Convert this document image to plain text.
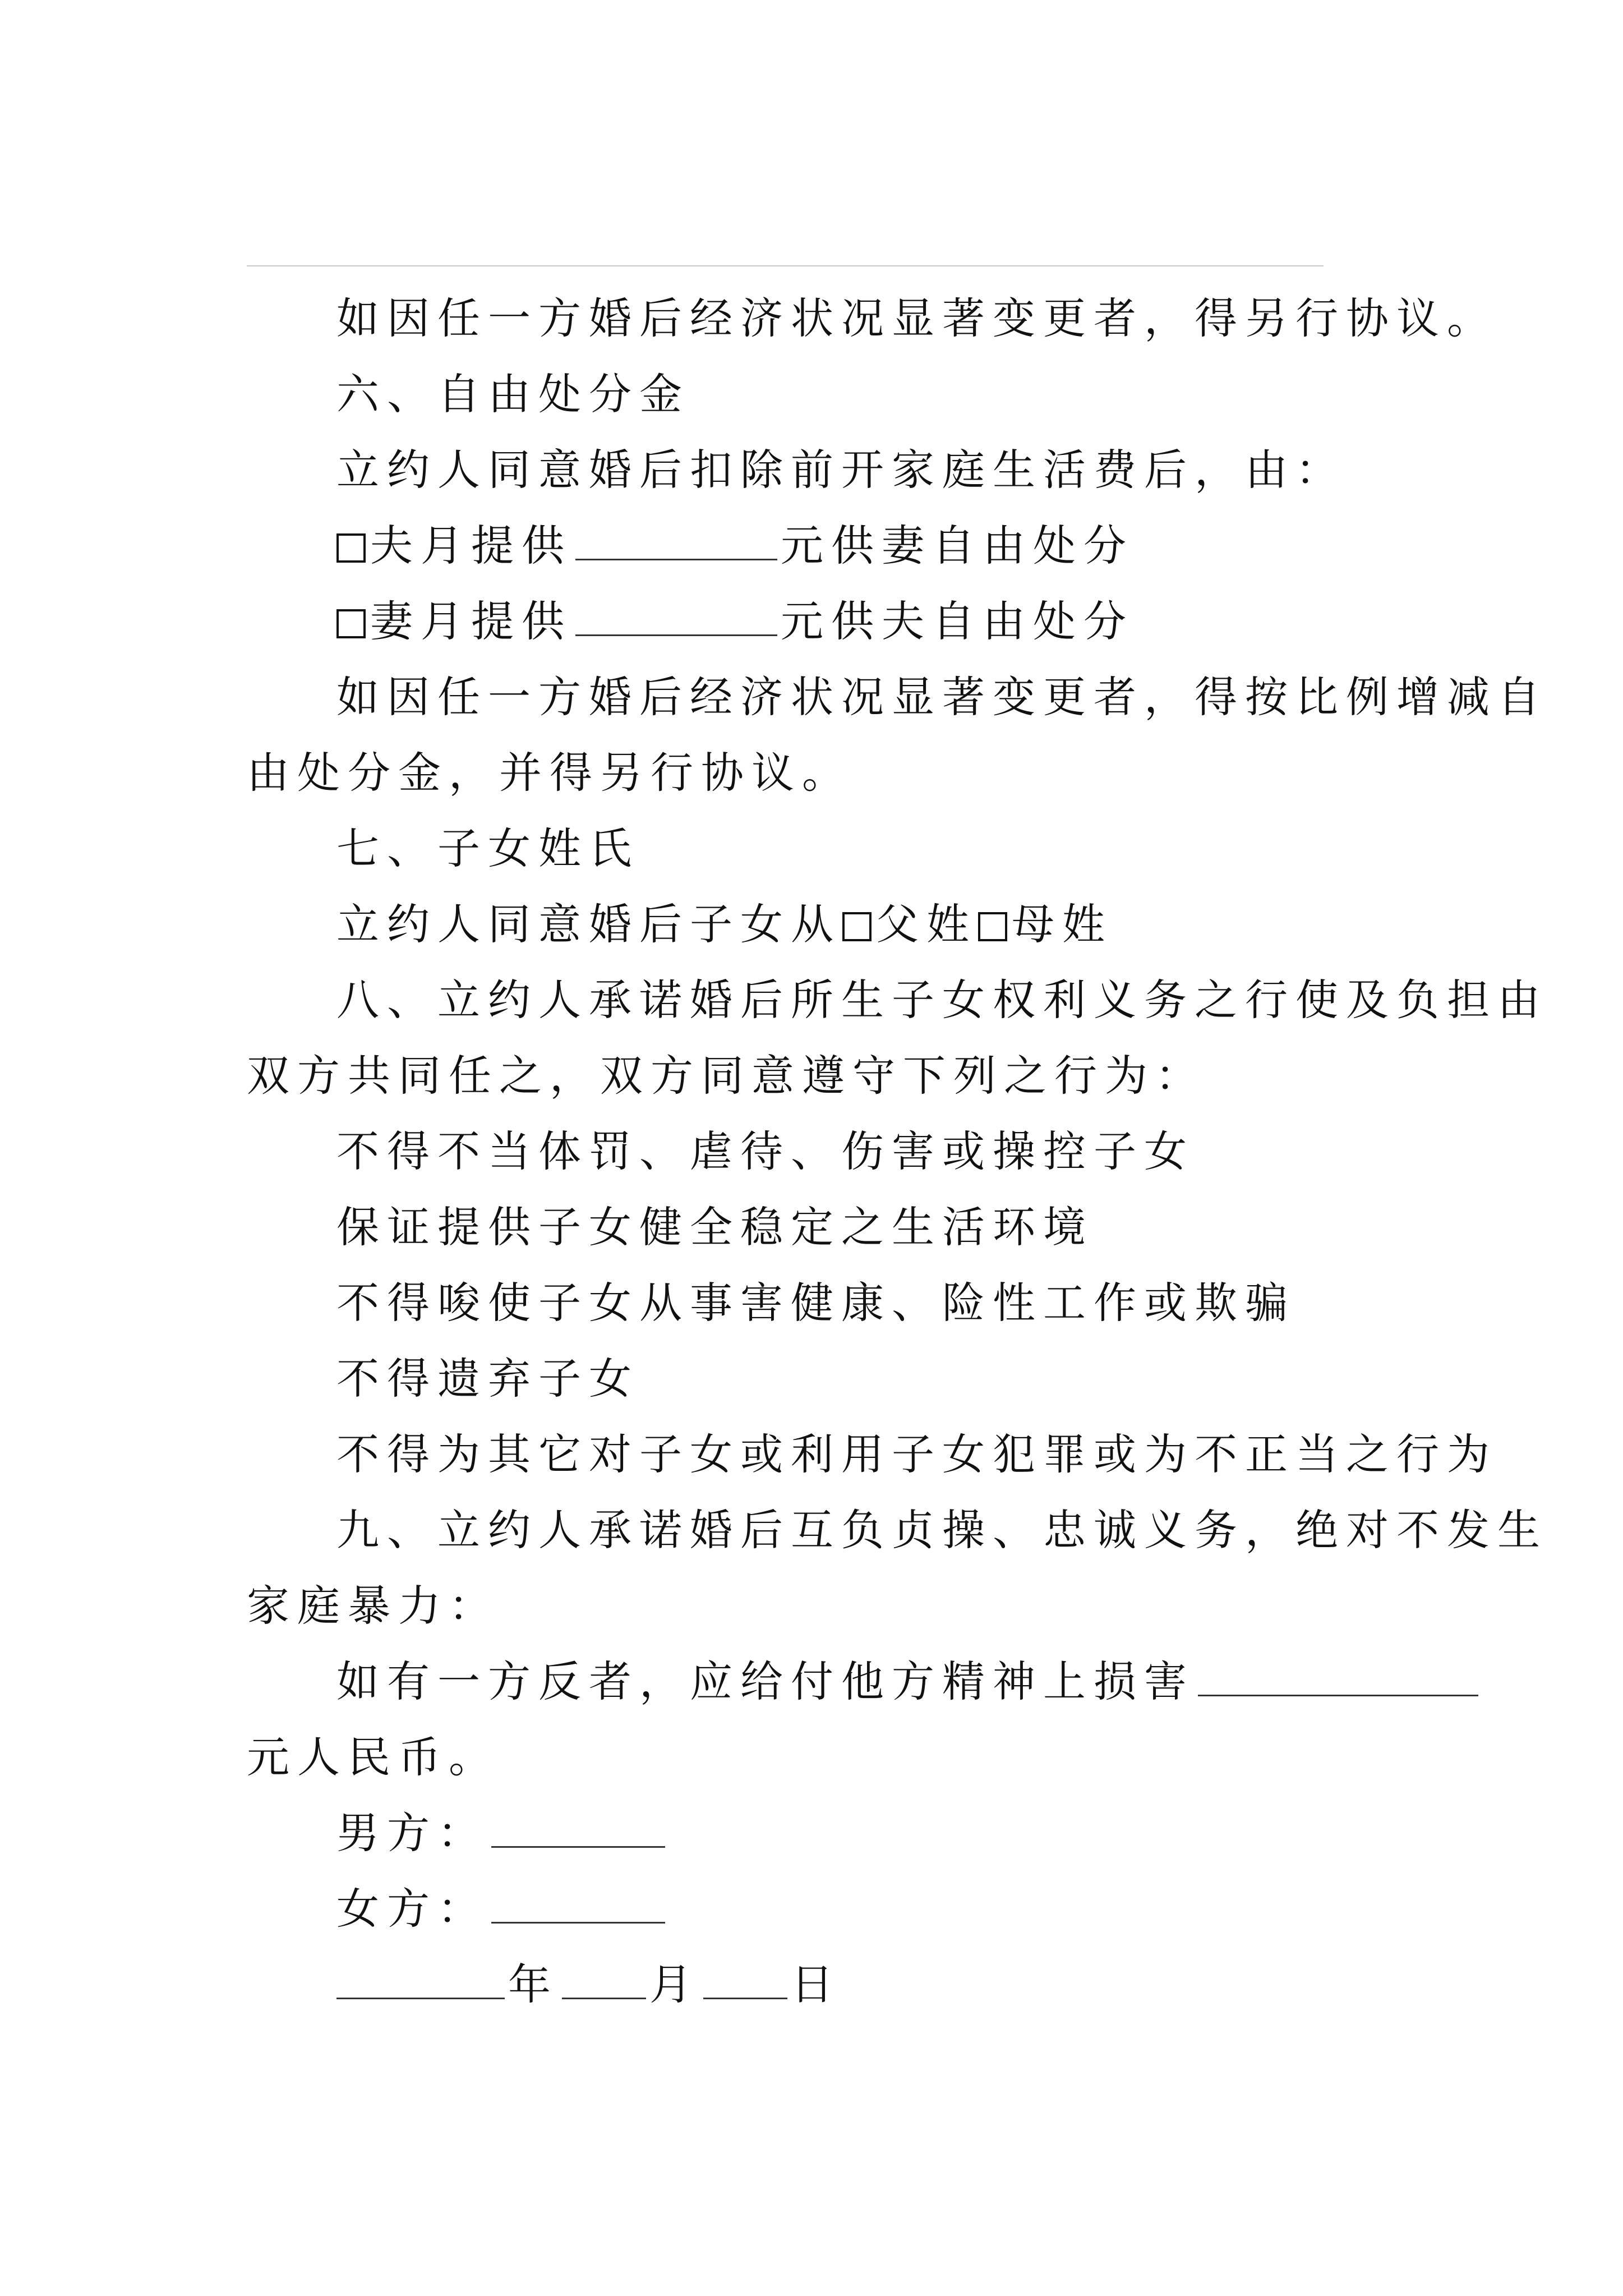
如因任一方婚后经济状况显著变更者，得另行协议。
六、自由处分金
立约人同意婚后扣除前开家庭生活费后，由：
夫月提供	元供妻自由处分
妻月提供	元供夫自由处分
如因任一方婚后经济状况显著变更者，得按比例增减自
由处分金，并得另行协议。
七、子女姓氏
立约人同意婚后子女从 父姓 母姓
八、立约人承诺婚后所生子女权利义务之行使及负担由
双方共同任之，双方同意遵守下列之行为：
不得不当体罚、虐待、伤害或操控子女
保证提供子女健全稳定之生活环境
不得唆使子女从事害健康、险性工作或欺骗
不得遗弃子女
不得为其它对子女或利用子女犯罪或为不正当之行为
九、立约人承诺婚后互负贞操、忠诚义务，绝对不发生
家庭暴力：
如有一方反者，应给付他方精神上损害
元人民币。
男方：
女方：
年 月 日
